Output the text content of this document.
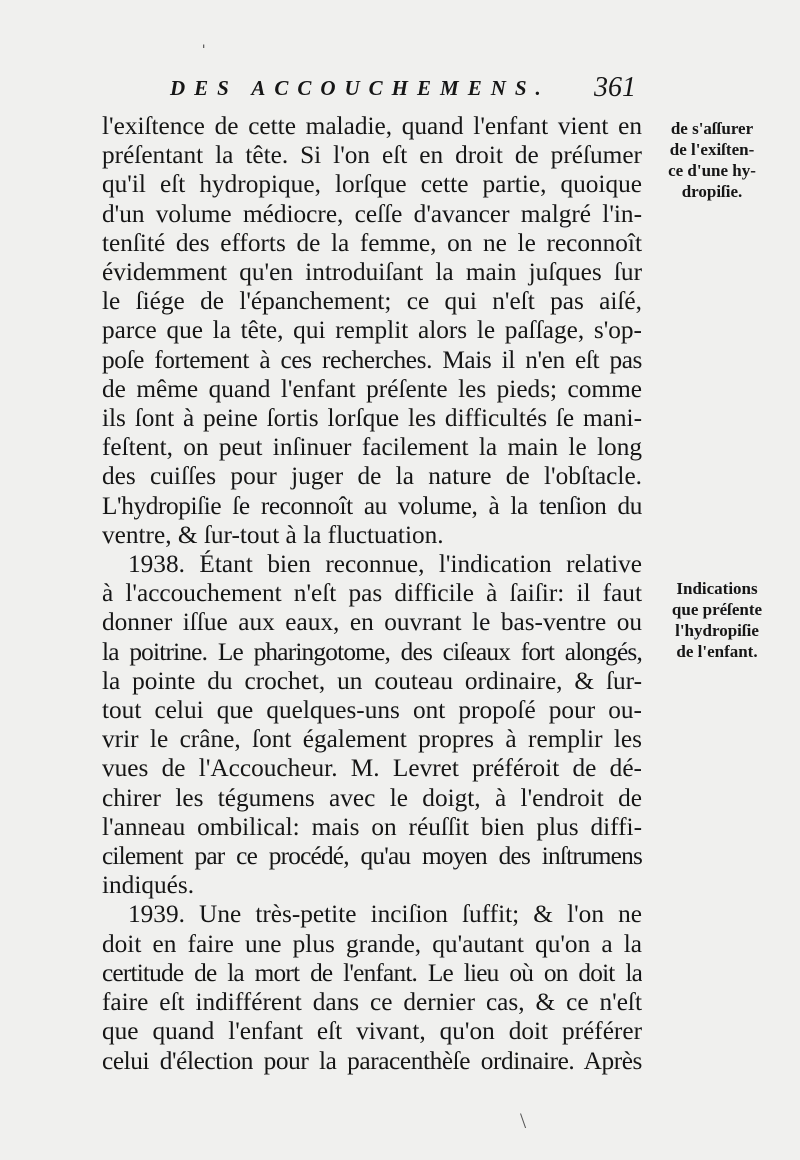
DES ACCOUCHEMENS. 361
de s'aſſurer
de l'exiſten-
ce d'une hy-
dropiſie.
Indications
que préſente
l'hydropiſie
de l'enfant.

l'exiſtence de cette maladie, quand l'enfant vient en
préſentant la tête. Si l'on eſt en droit de préſumer
qu'il eſt hydropique, lorſque cette partie, quoique
d'un volume médiocre, ceſſe d'avancer malgré l'in-
tenſité des efforts de la femme, on ne le reconnoît
évidemment qu'en introduiſant la main juſques ſur
le ſiége de l'épanchement; ce qui n'eſt pas aiſé,
parce que la tête, qui remplit alors le paſſage, s'op-
poſe fortement à ces recherches. Mais il n'en eſt pas
de même quand l'enfant préſente les pieds; comme
ils ſont à peine ſortis lorſque les difficultés ſe mani-
feſtent, on peut inſinuer facilement la main le long
des cuiſſes pour juger de la nature de l'obſtacle.
L'hydropiſie ſe reconnoît au volume, à la tenſion du
ventre, & ſur-tout à la fluctuation.

1938. Étant bien reconnue, l'indication relative
à l'accouchement n'eſt pas difficile à ſaiſir: il faut
donner iſſue aux eaux, en ouvrant le bas-ventre ou
la poitrine. Le pharingotome, des ciſeaux fort alongés,
la pointe du crochet, un couteau ordinaire, & ſur-
tout celui que quelques-uns ont propoſé pour ou-
vrir le crâne, ſont également propres à remplir les
vues de l'Accoucheur. M. Levret préféroit de dé-
chirer les tégumens avec le doigt, à l'endroit de
l'anneau ombilical: mais on réuſſit bien plus diffi-
cilement par ce procédé, qu'au moyen des inſtrumens
indiqués.

1939. Une très-petite inciſion ſuffit; & l'on ne
doit en faire une plus grande, qu'autant qu'on a la
certitude de la mort de l'enfant. Le lieu où on doit la
faire eſt indifférent dans ce dernier cas, & ce n'eſt
que quand l'enfant eſt vivant, qu'on doit préférer
celui d'élection pour la paracenthèſe ordinaire. Après

ˈ
\
